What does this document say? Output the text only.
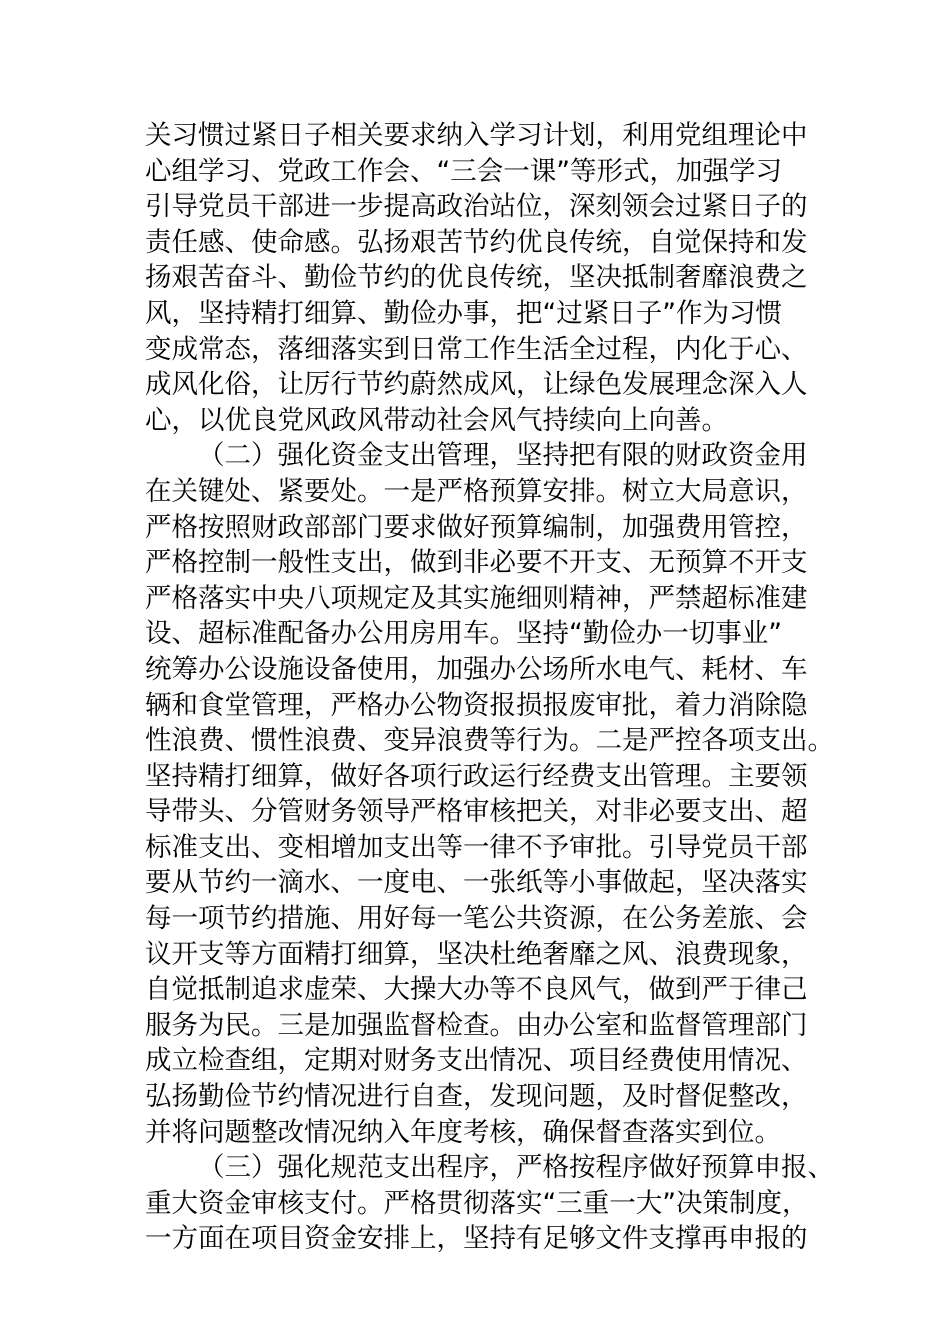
关习惯过紧日子相关要求纳入学习计划，利用党组理论中
心组学习、党政工作会、“三会一课”等形式，加强学习
引导党员干部进一步提高政治站位，深刻领会过紧日子的
责任感、使命感。弘扬艰苦节约优良传统，自觉保持和发
扬艰苦奋斗、勤俭节约的优良传统，坚决抵制奢靡浪费之
风，坚持精打细算、勤俭办事，把“过紧日子”作为习惯
变成常态，落细落实到日常工作生活全过程，内化于心、
成风化俗，让厉行节约蔚然成风，让绿色发展理念深入人
心，以优良党风政风带动社会风气持续向上向善。
（二）强化资金支出管理，坚持把有限的财政资金用
在关键处、紧要处。一是严格预算安排。树立大局意识，
严格按照财政部部门要求做好预算编制，加强费用管控，
严格控制一般性支出，做到非必要不开支、无预算不开支
严格落实中央八项规定及其实施细则精神，严禁超标准建
设、超标准配备办公用房用车。坚持“勤俭办一切事业”
统筹办公设施设备使用，加强办公场所水电气、耗材、车
辆和食堂管理，严格办公物资报损报废审批，着力消除隐
性浪费、惯性浪费、变异浪费等行为。二是严控各项支出。
坚持精打细算，做好各项行政运行经费支出管理。主要领
导带头、分管财务领导严格审核把关，对非必要支出、超
标准支出、变相增加支出等一律不予审批。引导党员干部
要从节约一滴水、一度电、一张纸等小事做起，坚决落实
每一项节约措施、用好每一笔公共资源，在公务差旅、会
议开支等方面精打细算，坚决杜绝奢靡之风、浪费现象，
自觉抵制追求虚荣、大操大办等不良风气，做到严于律己
服务为民。三是加强监督检查。由办公室和监督管理部门
成立检查组，定期对财务支出情况、项目经费使用情况、
弘扬勤俭节约情况进行自查，发现问题，及时督促整改，
并将问题整改情况纳入年度考核，确保督查落实到位。
（三）强化规范支出程序，严格按程序做好预算申报、
重大资金审核支付。严格贯彻落实“三重一大”决策制度，
一方面在项目资金安排上，坚持有足够文件支撑再申报的
